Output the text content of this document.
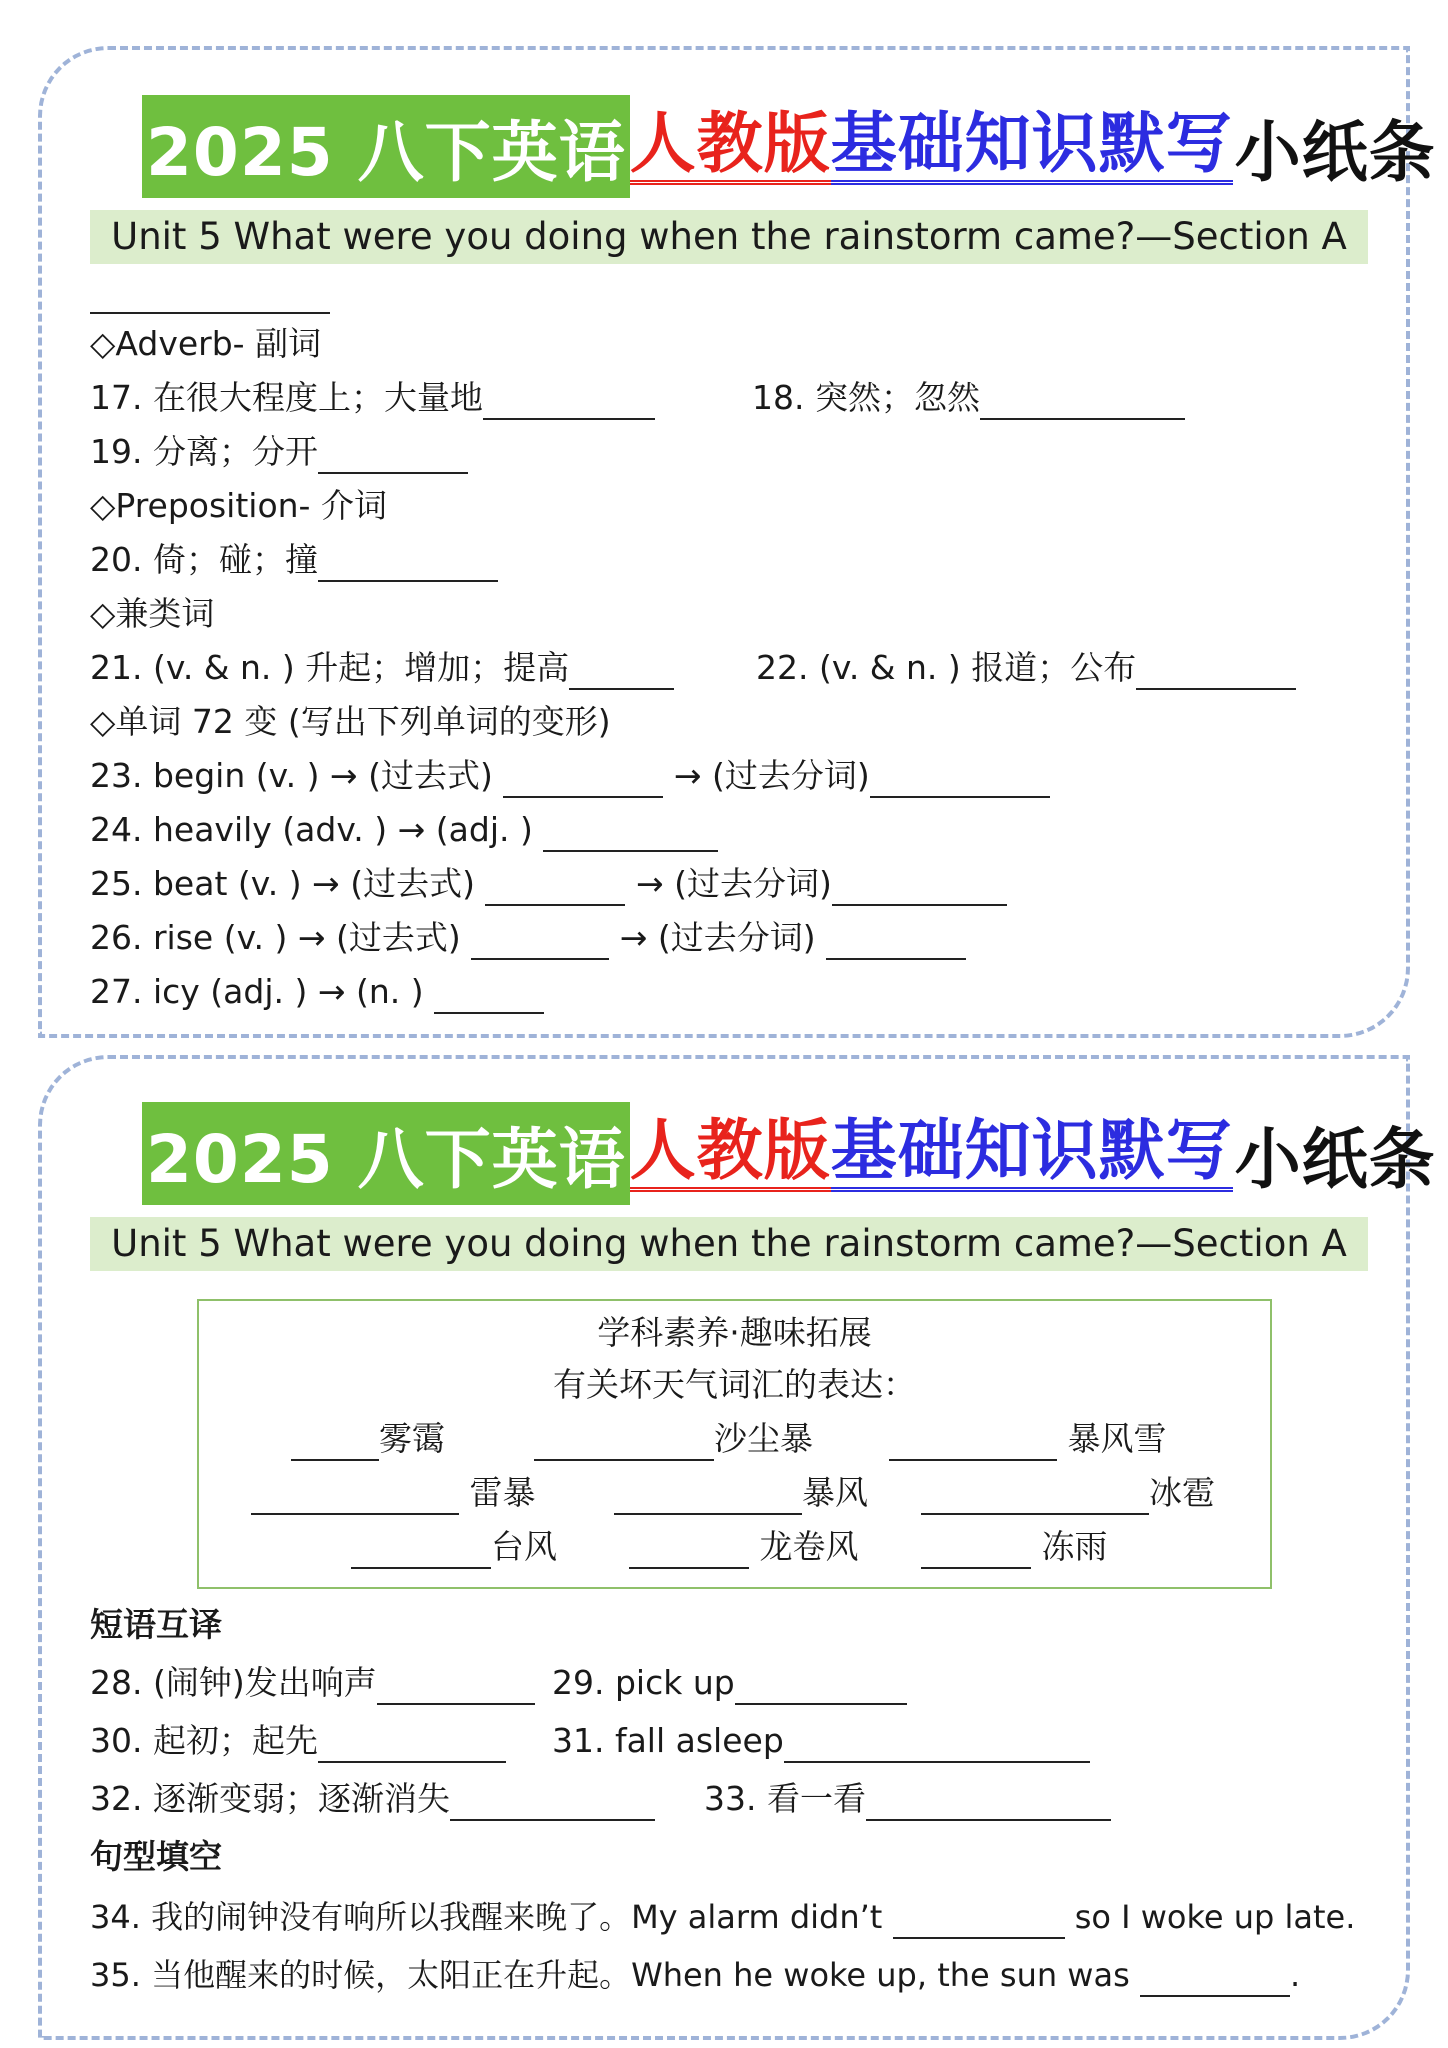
2025 八下英语 人教版 基础知识默写 小纸条
Unit 5 What were you doing when the rainstorm came?—Section A
◇Adverb- 副词
17. 在很大程度上；大量地	18. 突然；忽然
19. 分离；分开
◇Preposition- 介词
20. 倚；碰；撞
◇兼类词
21. (v. & n. ) 升起；增加；提高	22. (v. & n. ) 报道；公布
◇单词 72 变 (写出下列单词的变形)
23. begin (v. ) → (过去式)	→ (过去分词)
24. heavily (adv. ) → (adj. )
25. beat (v. ) → (过去式)	→ (过去分词)
26. rise (v. ) → (过去式)	→ (过去分词)
27. icy (adj. ) → (n. )
2025 八下英语 人教版 基础知识默写 小纸条
Unit 5 What were you doing when the rainstorm came?—Section A
学科素养·趣味拓展
有关坏天气词汇的表达：
雾霭	沙尘暴	暴风雪
雷暴	暴风	冰雹
台风	龙卷风	冻雨
短语互译
28. (闹钟)发出响声	29. pick up
30. 起初；起先	31. fall asleep
32. 逐渐变弱；逐渐消失	33. 看一看
句型填空
34. 我的闹钟没有响所以我醒来晚了。My alarm didn’t	so I woke up late.
35. 当他醒来的时候，太阳正在升起。When he woke up, the sun was	.
